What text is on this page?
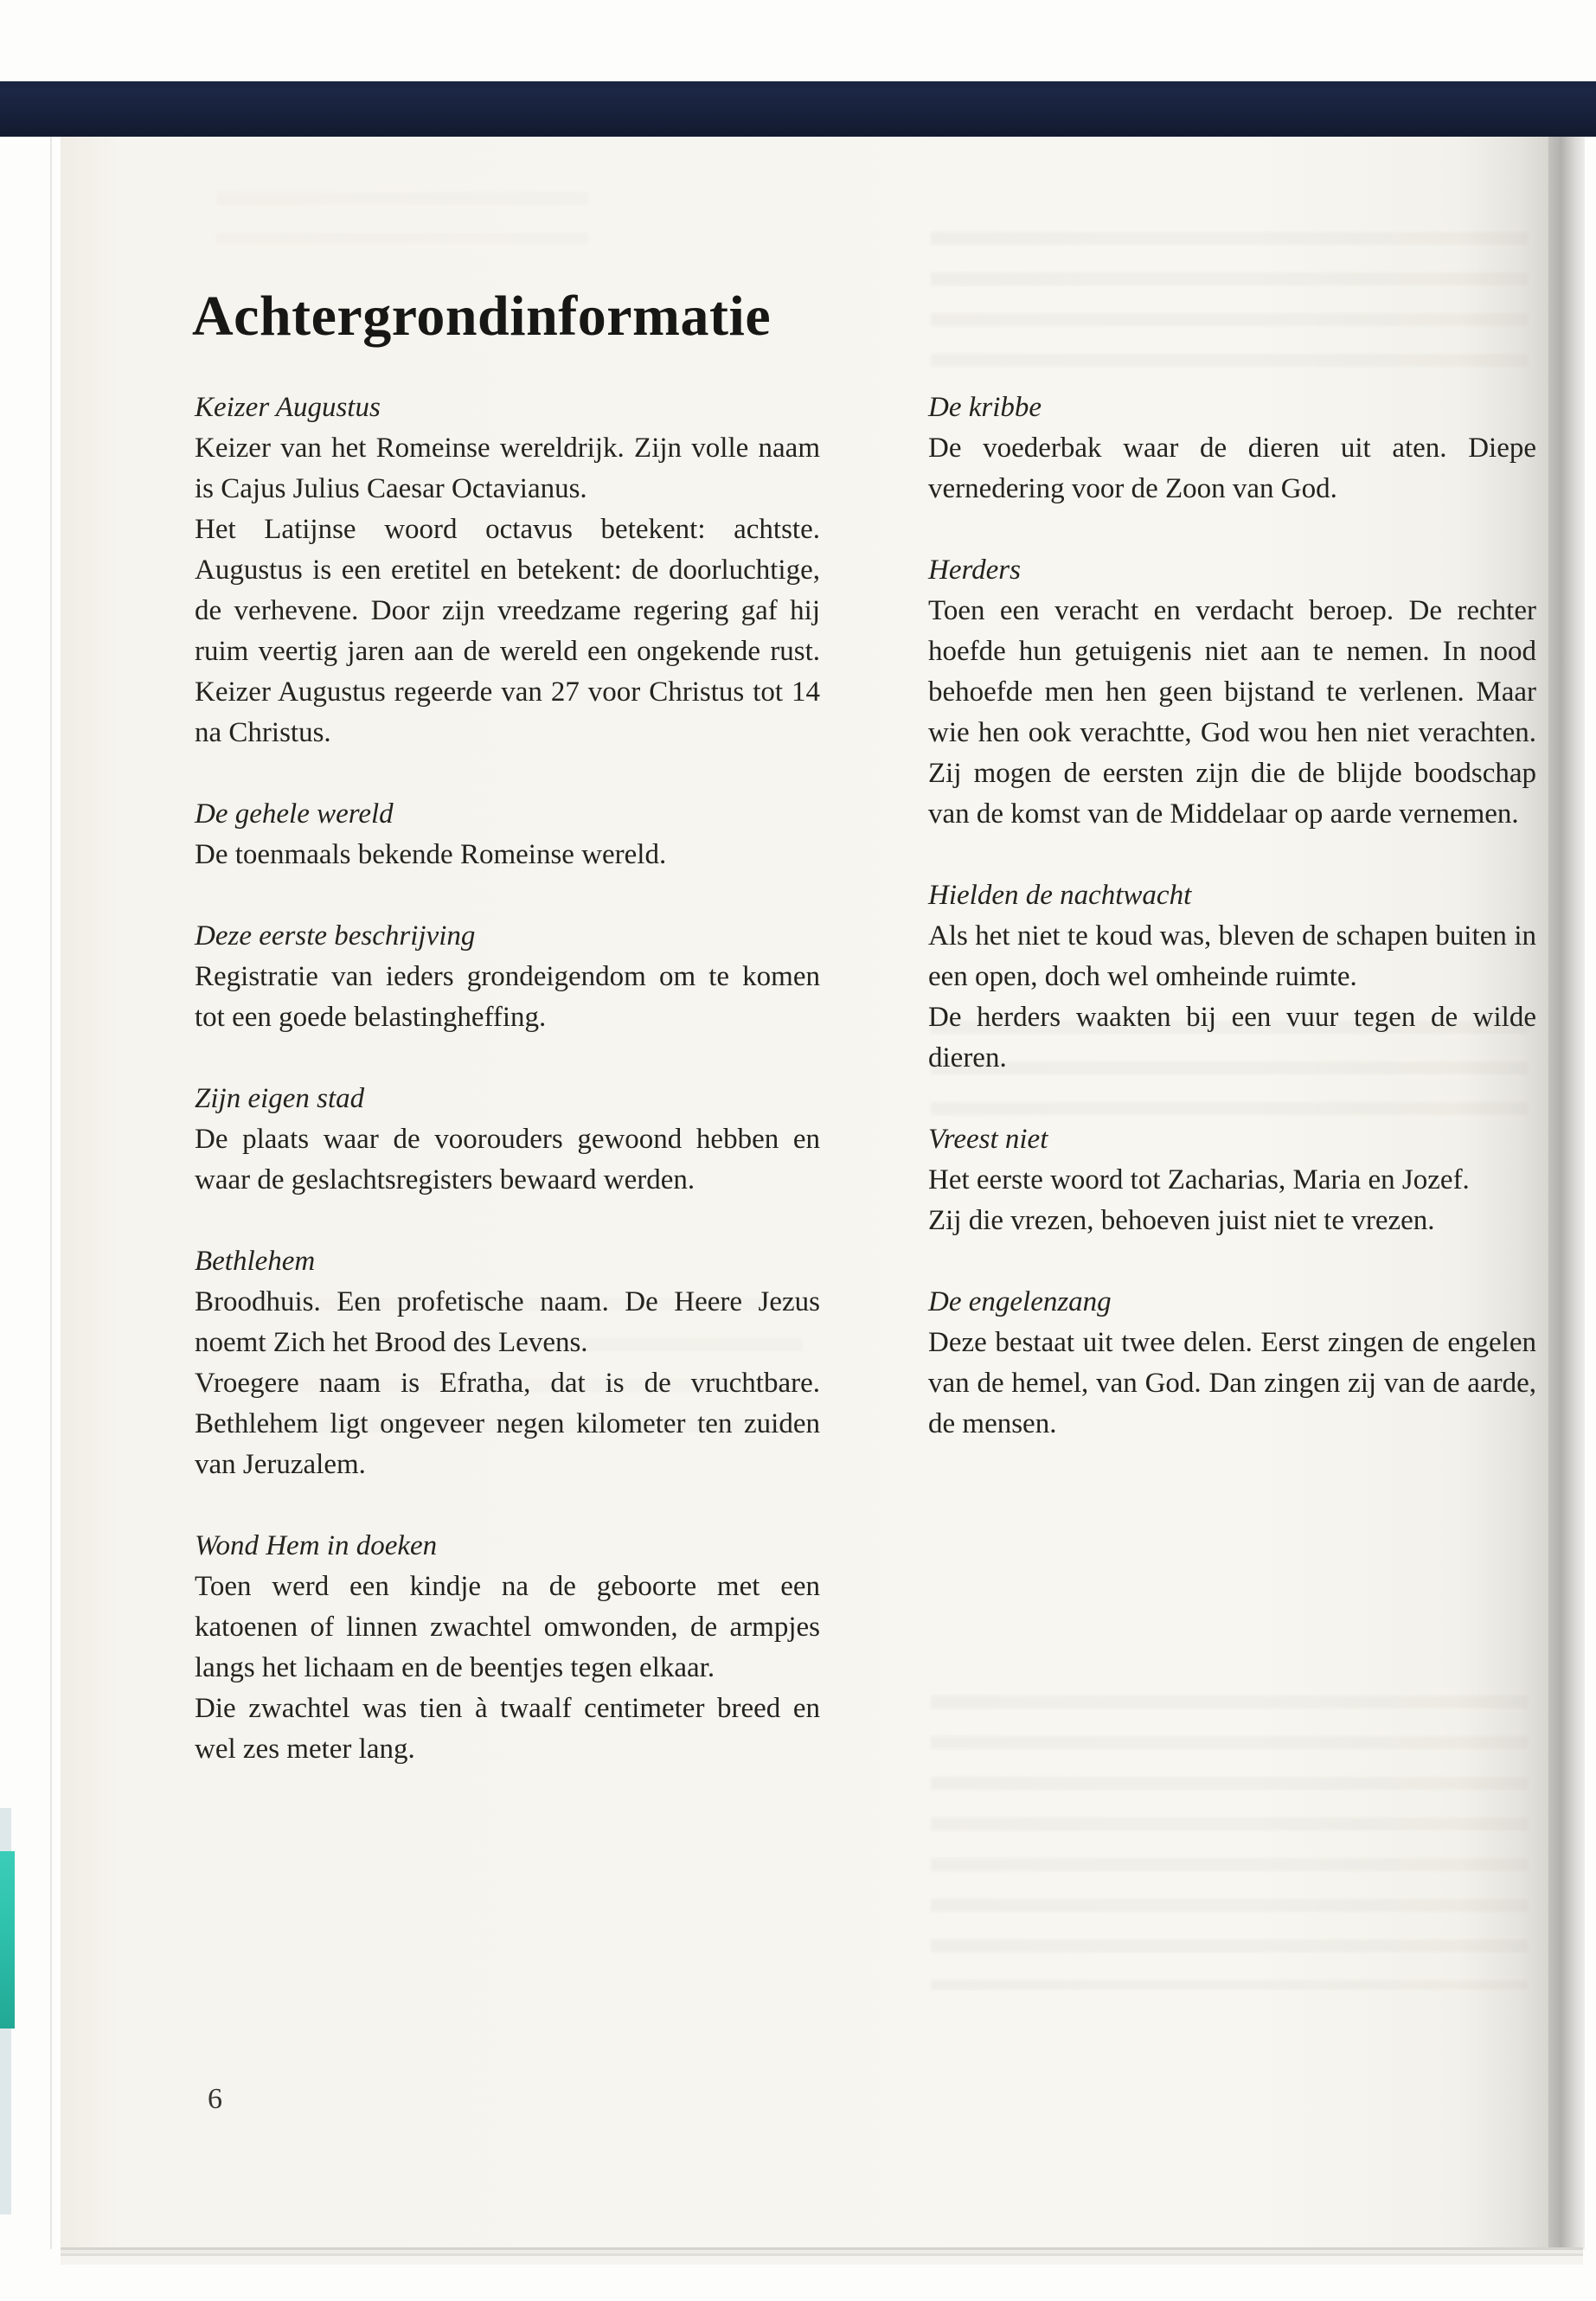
Achtergrondinformatie
Keizer Augustus

Keizer van het Romeinse wereldrijk. Zijn volle naam is Cajus Julius Caesar Octavianus.

Het Latijnse woord octavus betekent: achtste. Augustus is een eretitel en betekent: de doorluchtige, de verhevene. Door zijn vreedzame regering gaf hij ruim veertig jaren aan de wereld een ongekende rust. Keizer Augustus regeerde van 27 voor Christus tot 14 na Christus.

De gehele wereld

De toenmaals bekende Romeinse wereld.

Deze eerste beschrijving

Registratie van ieders grondeigendom om te komen tot een goede belastingheffing.

Zijn eigen stad

De plaats waar de voorouders gewoond hebben en waar de geslachtsregisters bewaard werden.

Bethlehem

Broodhuis. Een profetische naam. De Heere Jezus noemt Zich het Brood des Levens.

Vroegere naam is Efratha, dat is de vruchtbare. Bethlehem ligt ongeveer negen kilometer ten zuiden van Jeruzalem.

Wond Hem in doeken

Toen werd een kindje na de geboorte met een katoenen of linnen zwachtel omwonden, de armpjes langs het lichaam en de beentjes tegen elkaar.

Die zwachtel was tien à twaalf centimeter breed en wel zes meter lang.

De kribbe

De voederbak waar de dieren uit aten. Diepe vernedering voor de Zoon van God.

Herders

Toen een veracht en verdacht beroep. De rechter hoefde hun getuigenis niet aan te nemen. In nood behoefde men hen geen bijstand te verlenen. Maar wie hen ook verachtte, God wou hen niet verachten. Zij mogen de eersten zijn die de blijde boodschap van de komst van de Middelaar op aarde vernemen.

Hielden de nachtwacht

Als het niet te koud was, bleven de schapen buiten in een open, doch wel omheinde ruimte.

De herders waakten bij een vuur tegen de wilde dieren.

Vreest niet

Het eerste woord tot Zacharias, Maria en Jozef.

Zij die vrezen, behoeven juist niet te vrezen.

De engelenzang

Deze bestaat uit twee delen. Eerst zingen de engelen van de hemel, van God. Dan zingen zij van de aarde, de mensen.

6
